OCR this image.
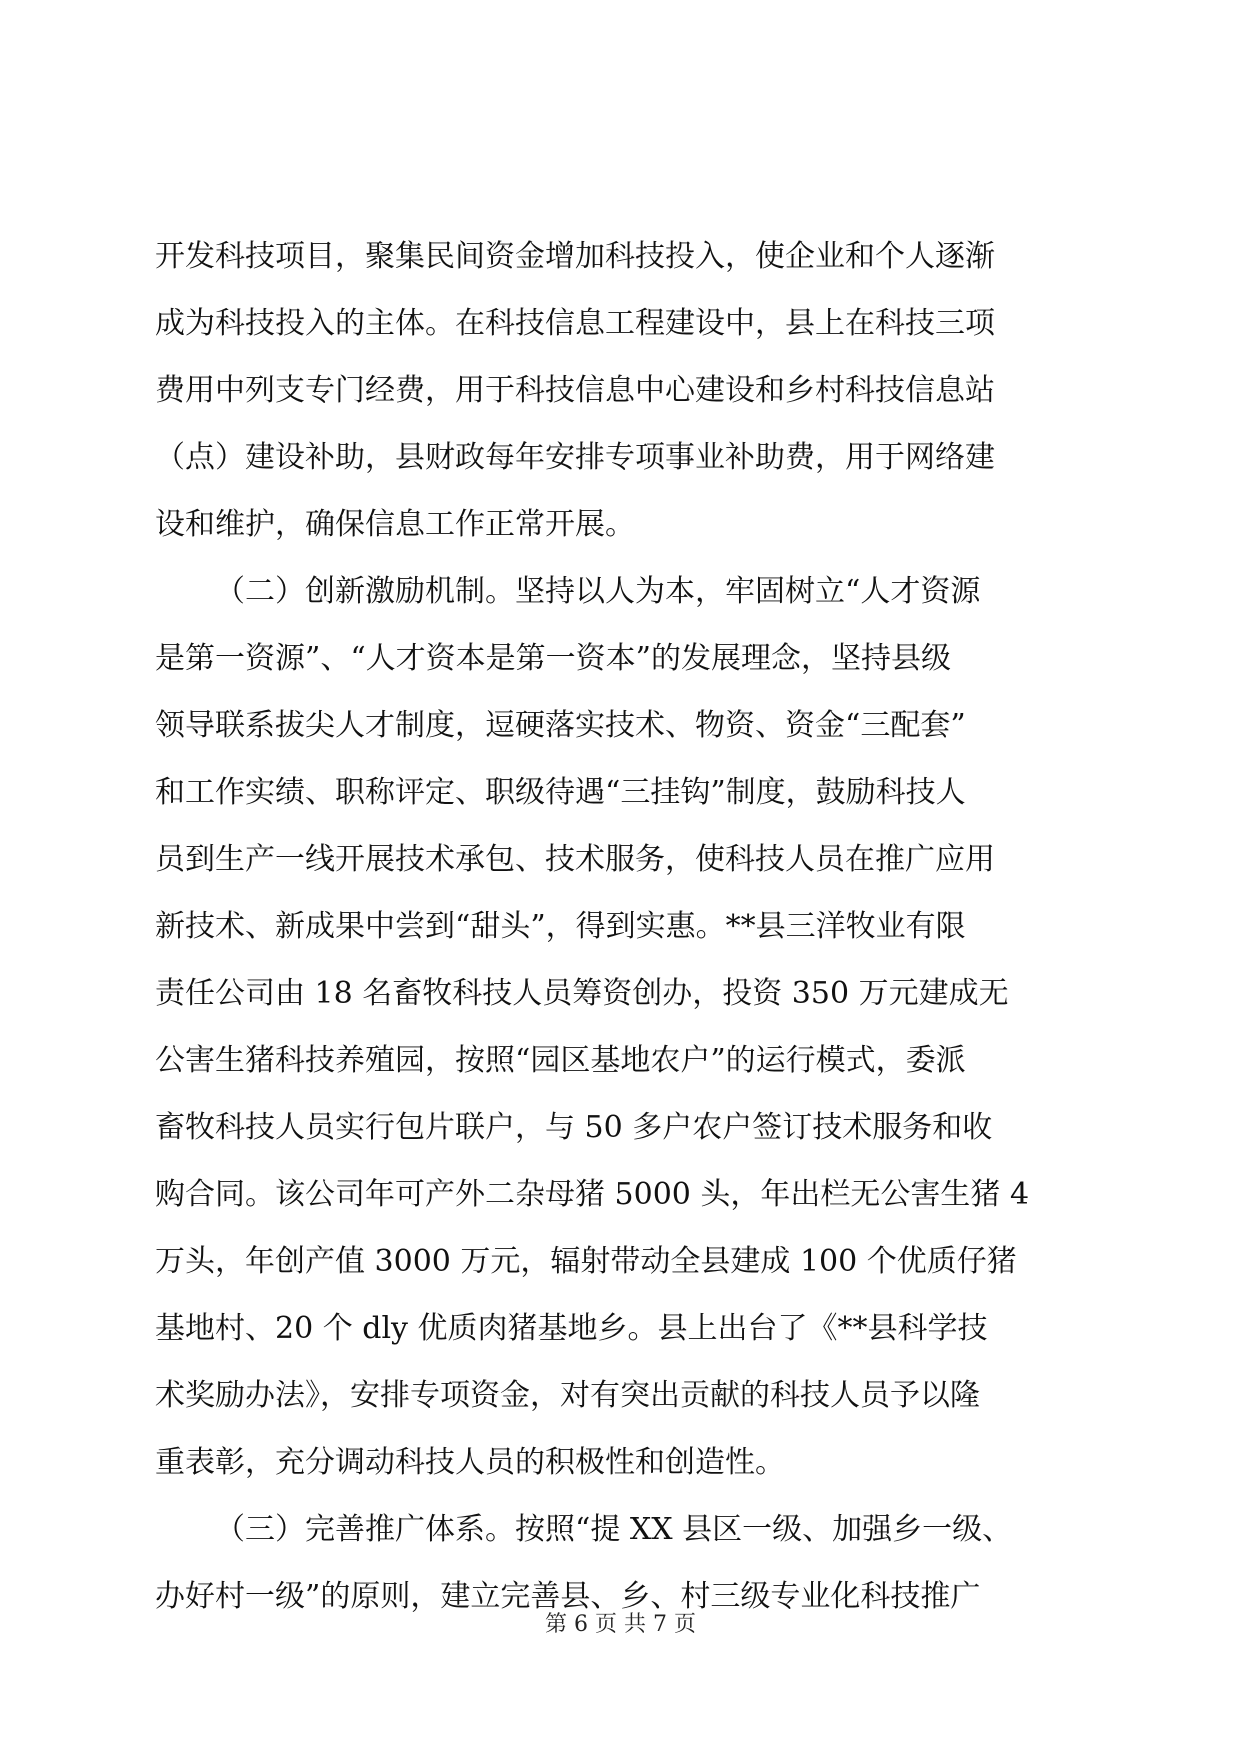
开发科技项目，聚集民间资金增加科技投入，使企业和个人逐渐
成为科技投入的主体。在科技信息工程建设中，县上在科技三项
费用中列支专门经费，用于科技信息中心建设和乡村科技信息站
（点）建设补助，县财政每年安排专项事业补助费，用于网络建
设和维护，确保信息工作正常开展。
（二）创新激励机制。坚持以人为本，牢固树立“人才资源
是第一资源”、“人才资本是第一资本”的发展理念，坚持县级
领导联系拔尖人才制度，逗硬落实技术、物资、资金“三配套”
和工作实绩、职称评定、职级待遇“三挂钩”制度，鼓励科技人
员到生产一线开展技术承包、技术服务，使科技人员在推广应用
新技术、新成果中尝到“甜头”，得到实惠。**县三洋牧业有限
责任公司由 18 名畜牧科技人员筹资创办，投资 350 万元建成无
公害生猪科技养殖园，按照“园区基地农户”的运行模式，委派
畜牧科技人员实行包片联户，与 50 多户农户签订技术服务和收
购合同。该公司年可产外二杂母猪 5000 头，年出栏无公害生猪 4
万头，年创产值 3000 万元，辐射带动全县建成 100 个优质仔猪
基地村、20 个 dly 优质肉猪基地乡。县上出台了《**县科学技
术奖励办法》，安排专项资金，对有突出贡献的科技人员予以隆
重表彰，充分调动科技人员的积极性和创造性。
（三）完善推广体系。按照“提 XX 县区一级、加强乡一级、
办好村一级”的原则，建立完善县、乡、村三级专业化科技推广
第 6 页 共 7 页
